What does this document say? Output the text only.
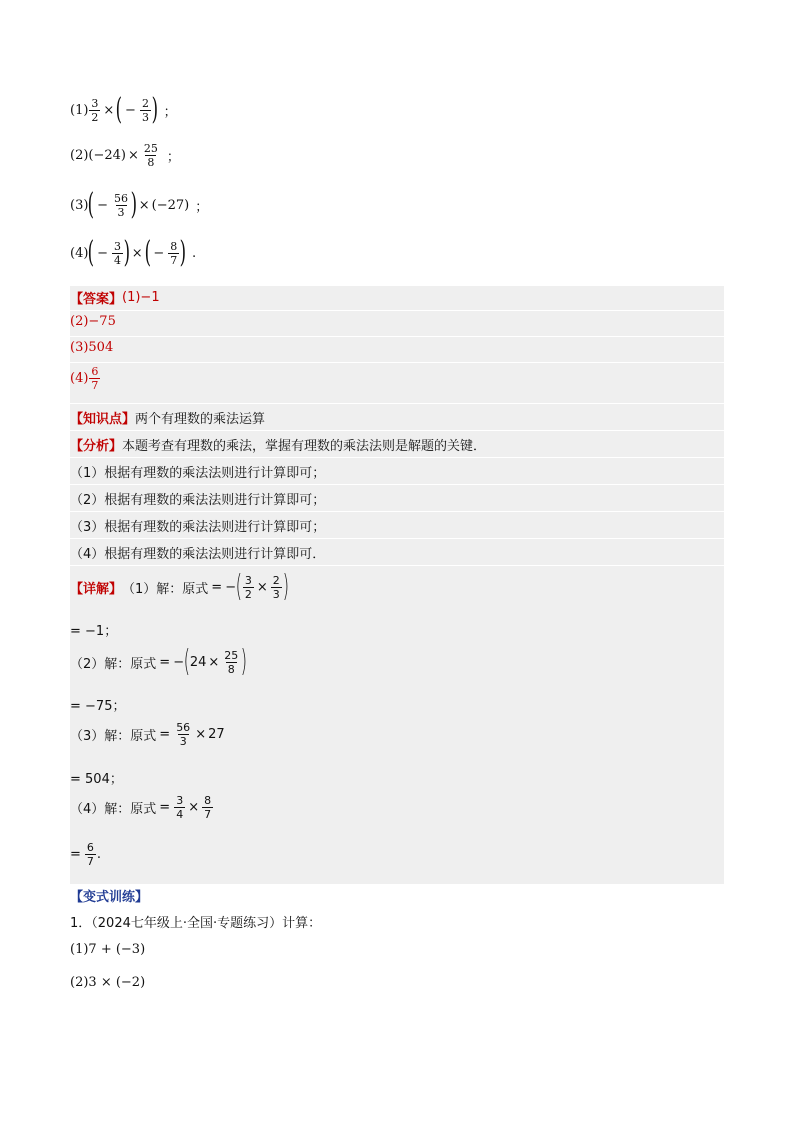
$(1) \frac{3}{2}$ × ( − $\frac{2}{3}$ ) ；
(2) $(-24) \times \frac{25}{8}$ ；
(3) ( − $\frac{56}{3}$ ) × (−27) ；
(4) ( − $\frac{3}{4}$ ) × ( − $\frac{8}{7}$ ) .
【答案】 (1)−1
(2)−75
(3)504
$(4) \frac{6}{7}$
【知识点】 两个有理数的乘法运算
【分析】 本题考查有理数的乘法，掌握有理数的乘法法则是解题的关键．
（1）根据有理数的乘法法则进行计算即可；
（2）根据有理数的乘法法则进行计算即可；
（3）根据有理数的乘法法则进行计算即可；
（4）根据有理数的乘法法则进行计算即可．
【详解】 （1）解：原式 = − ( $\frac{3}{2} \times \frac{2}{3}$ )
= −1；
（2）解：原式 = − ( $24 \times \frac{25}{8}$ )
= −75；
（3）解：原式 = $\frac{56}{3} \times 27$
= 504；
（4）解：原式 = $\frac{3}{4} \times \frac{8}{7}$
= $\frac{6}{7}$ .
【变式训练】
1．（2024七年级上·全国·专题练习）计算：
(1)7 + (−3)
(2)3 × (−2)
